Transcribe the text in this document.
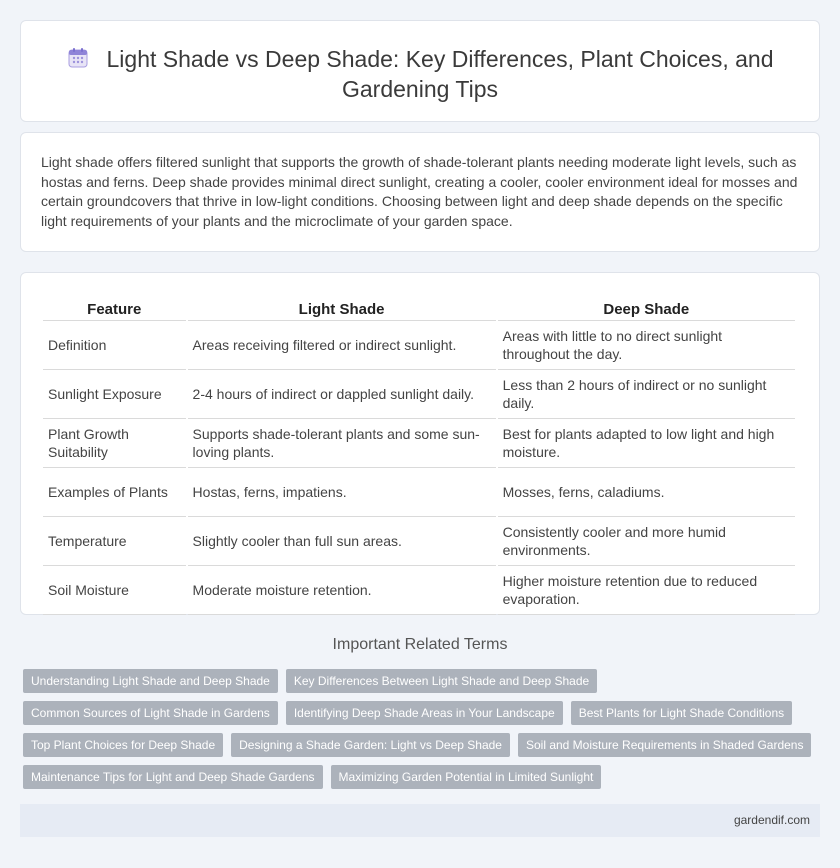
Light Shade vs Deep Shade: Key Differences, Plant Choices, and Gardening Tips

Light shade offers filtered sunlight that supports the growth of shade-tolerant plants needing moderate light levels, such as hostas and ferns. Deep shade provides minimal direct sunlight, creating a cooler, cooler environment ideal for mosses and certain groundcovers that thrive in low-light conditions. Choosing between light and deep shade depends on the specific light requirements of your plants and the microclimate of your garden space.

Feature	Light Shade	Deep Shade
Definition	Areas receiving filtered or indirect sunlight.	Areas with little to no direct sunlight throughout the day.
Sunlight Exposure	2-4 hours of indirect or dappled sunlight daily.	Less than 2 hours of indirect or no sunlight daily.
Plant Growth Suitability	Supports shade-tolerant plants and some sun-loving plants.	Best for plants adapted to low light and high moisture.
Examples of Plants	Hostas, ferns, impatiens.	Mosses, ferns, caladiums.
Temperature	Slightly cooler than full sun areas.	Consistently cooler and more humid environments.
Soil Moisture	Moderate moisture retention.	Higher moisture retention due to reduced evaporation.
Important Related Terms
Understanding Light Shade and Deep Shade	Key Differences Between Light Shade and Deep Shade
Common Sources of Light Shade in Gardens	Identifying Deep Shade Areas in Your Landscape	Best Plants for Light Shade Conditions
Top Plant Choices for Deep Shade	Designing a Shade Garden: Light vs Deep Shade	Soil and Moisture Requirements in Shaded Gardens
Maintenance Tips for Light and Deep Shade Gardens	Maximizing Garden Potential in Limited Sunlight
gardendif.com
